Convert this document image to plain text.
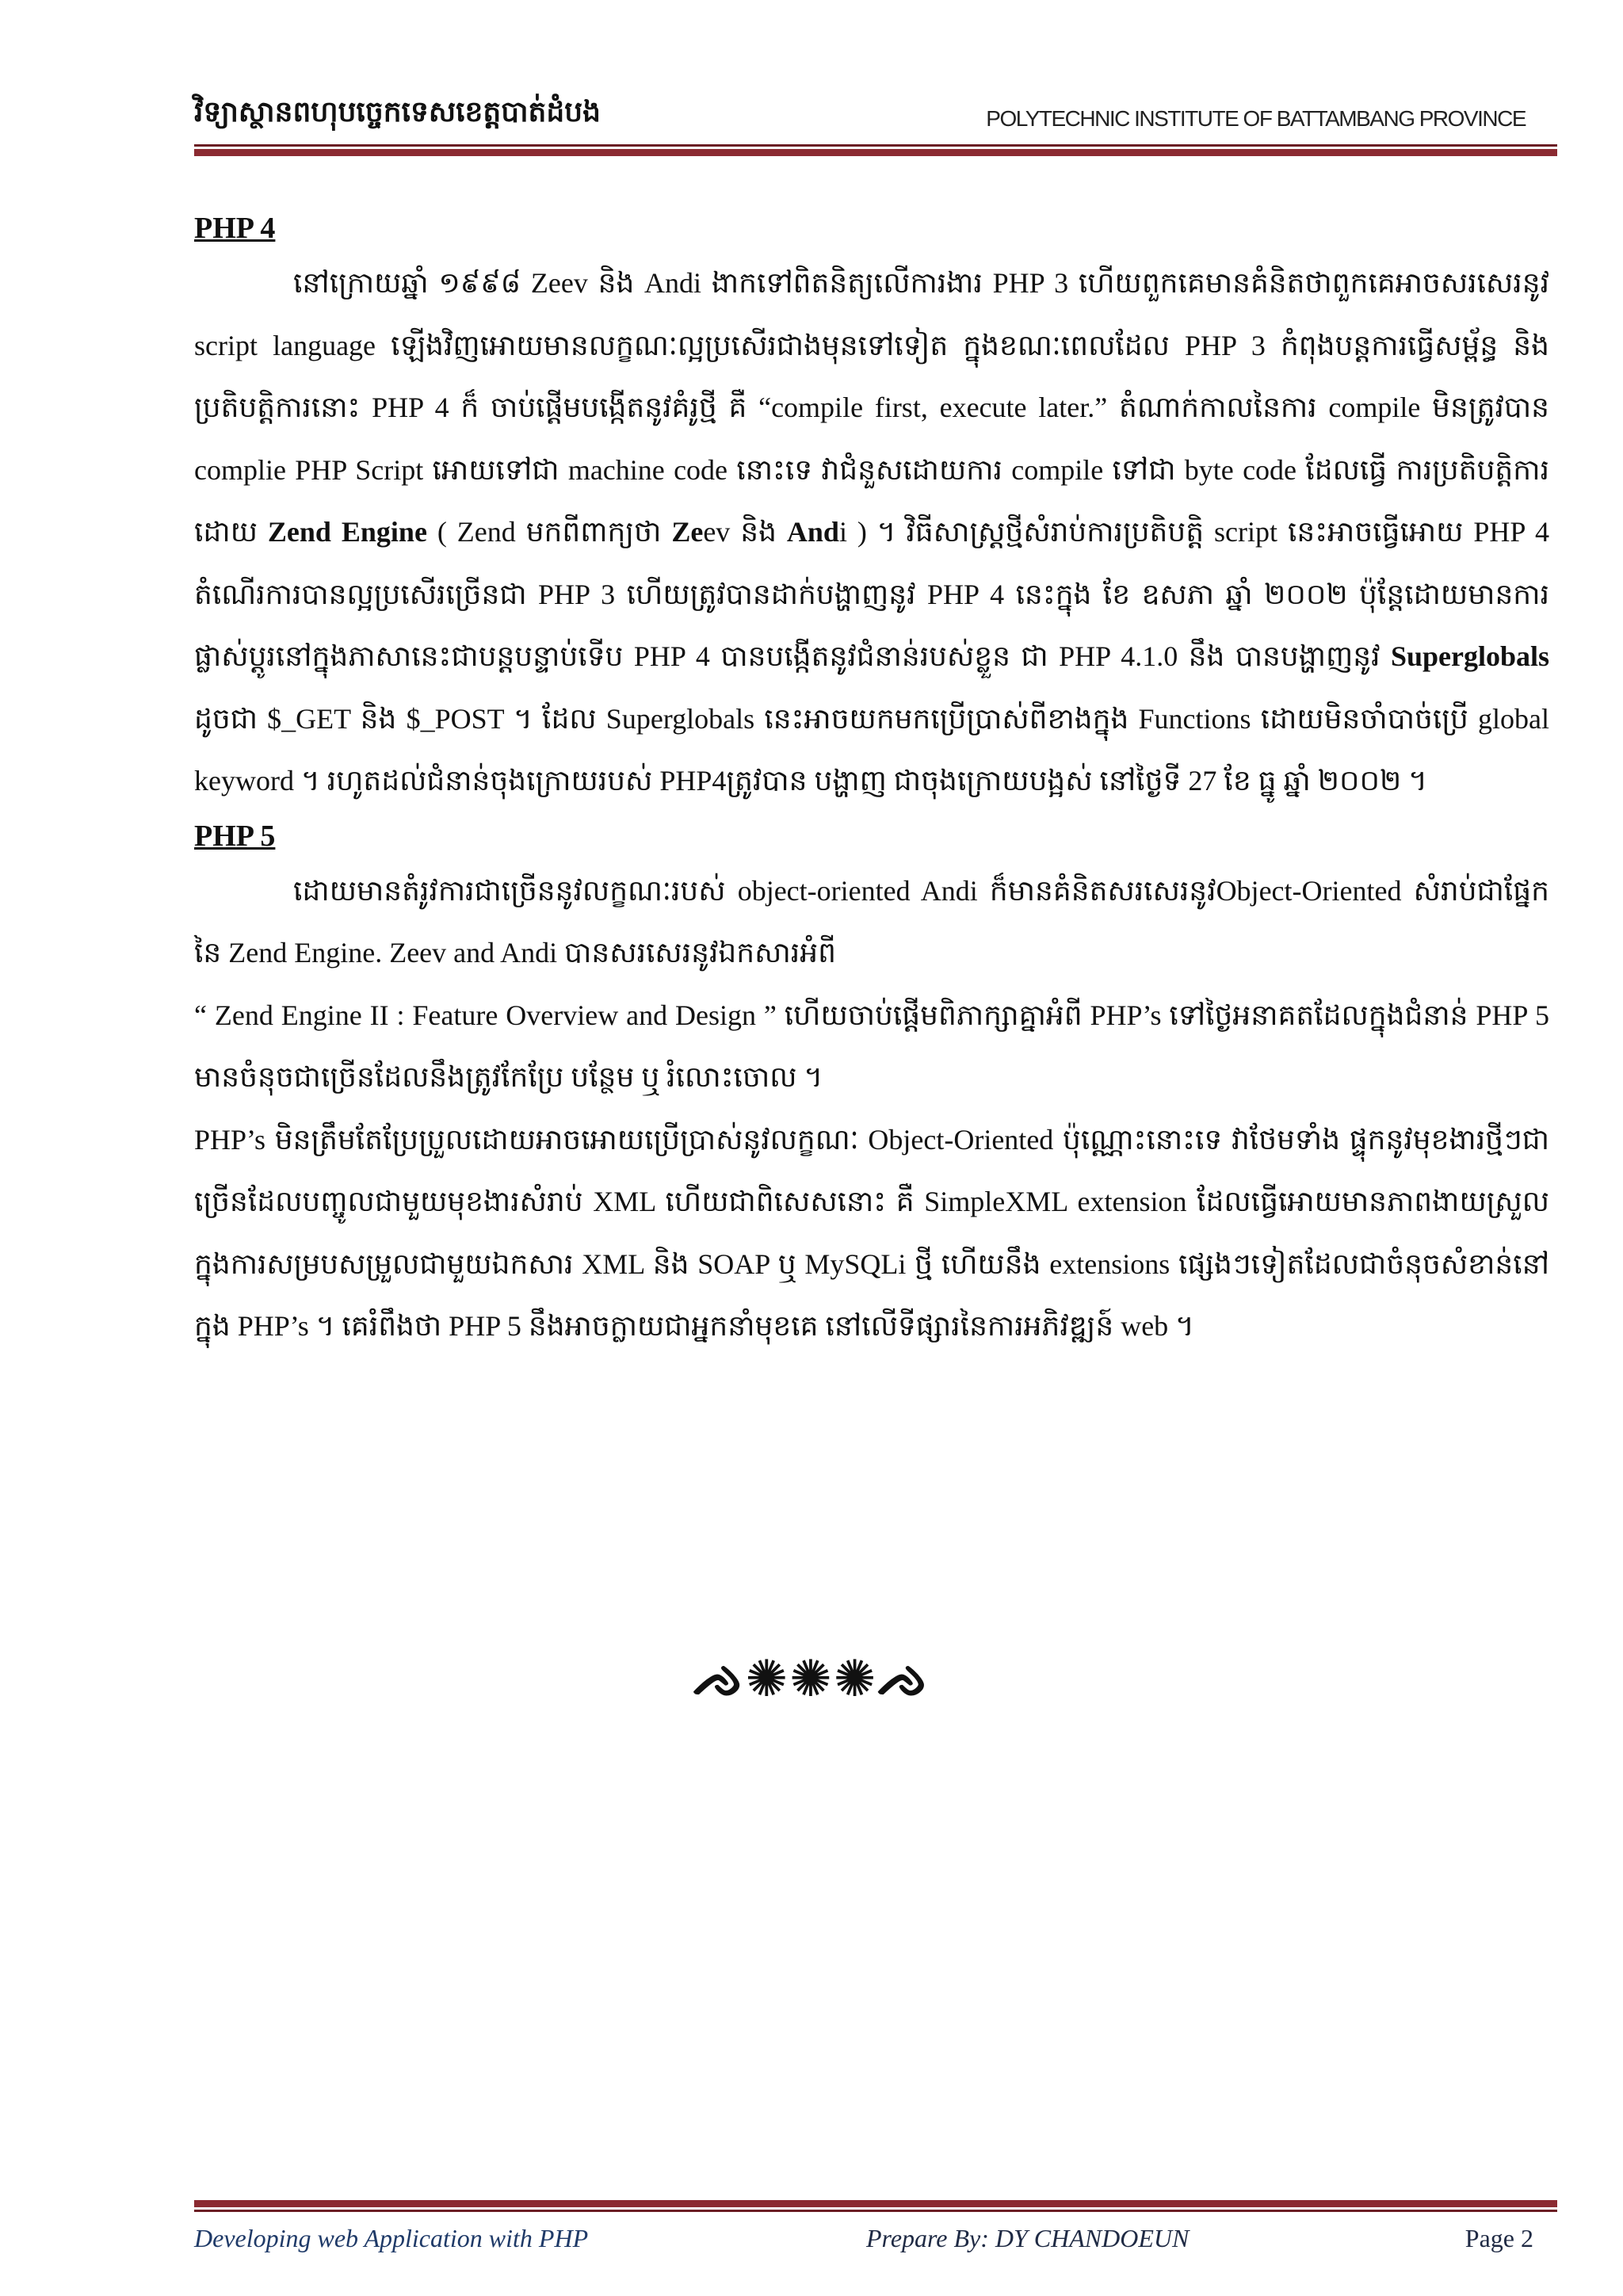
វិទ្យាស្ថានពហុបច្ចេកទេសខេត្តបាត់ដំបង	POLYTECHNIC INSTITUTE OF BATTAMBANG PROVINCE
PHP 4

នៅក្រោយឆ្នាំ ១៩៩៨ Zeev និង Andi ងាកទៅពិតនិត្យលើការងារ PHP 3 ហើយពួកគេមានគំនិតថាពួកគេអាចសរសេរនូវ script language ឡើងវិញអោយមានលក្ខណៈល្អប្រសើរជាងមុនទៅទៀត ក្នុងខណៈពេលដែល PHP 3 កំពុងបន្តការធ្វើសម្ព័ន្ធ និងប្រតិបត្តិការនោះ PHP 4 ក៏ ចាប់ផ្តើមបង្កើតនូវគំរូថ្មី គឺ “compile first, execute later.” តំណាក់កាលនៃការ compile មិនត្រូវបាន complie PHP Script អោយទៅជា machine code នោះទេ វាជំនួសដោយការ compile ទៅជា byte code ដែលធ្វើ ការប្រតិបត្តិការ ដោយ Zend Engine ( Zend មកពីពាក្យថា Zeev និង Andi ) ។ វិធីសាស្ត្រថ្មីសំរាប់ការប្រតិបត្តិ script នេះអាចធ្វើអោយ PHP 4 តំណើរការបានល្អប្រសើរច្រើនជា PHP 3 ហើយត្រូវបានដាក់បង្ហាញនូវ PHP 4 នេះក្នុង ខែ ឧសភា ឆ្នាំ ២០០២ ប៉ុន្តែដោយមានការផ្លាស់ប្តូរនៅក្នុងភាសានេះជាបន្តបន្ទាប់ទើប PHP 4 បានបង្កើតនូវជំនាន់របស់ខ្លួន ជា PHP 4.1.0 នឹង បានបង្ហាញនូវ Superglobals ដូចជា $_GET និង $_POST ។ ដែល Superglobals នេះអាចយកមកប្រើប្រាស់ពីខាងក្នុង Functions ដោយមិនចាំបាច់ប្រើ global keyword ។ រហូតដល់ជំនាន់ចុងក្រោយរបស់ PHP4ត្រូវបាន បង្ហាញ ជាចុងក្រោយបង្អស់ នៅថ្ងៃទី 27 ខែ ធ្នូ ឆ្នាំ ២០០២ ។

PHP 5

ដោយមានតំរូវការជាច្រើននូវលក្ខណៈរបស់ object-oriented Andi ក៏មានគំនិតសរសេរនូវObject-Oriented សំរាប់ជាផ្នែកនៃ Zend Engine. Zeev and Andi បានសរសេរនូវឯកសារអំពី

“ Zend Engine II : Feature Overview and Design ” ហើយចាប់ផ្តើមពិភាក្សាគ្នាអំពី PHP’s ទៅថ្ងៃអនាគតដែលក្នុងជំនាន់ PHP 5 មានចំនុចជាច្រើនដែលនឹងត្រូវកែប្រែ បន្ថែម ឬ រំលោះចោល ។

PHP’s មិនត្រឹមតែប្រែប្រួលដោយអាចអោយប្រើប្រាស់នូវលក្ខណៈ Object-Oriented ប៉ុណ្ណោះនោះទេ វាថែមទាំង ផ្ទុកនូវមុខងារថ្មីៗជាច្រើនដែលបញ្ចូលជាមួយមុខងារសំរាប់ XML ហើយជាពិសេសនោះ គឺ SimpleXML extension ដែលធ្វើអោយមានភាពងាយស្រួល ក្នុងការសម្របសម្រួលជាមួយឯកសារ XML និង SOAP ឬ MySQLi ថ្មី ហើយនឹង extensions ផ្សេងៗទៀតដែលជាចំនុចសំខាន់នៅក្នុង PHP’s ។ គេរំពឹងថា PHP 5 នឹងអាចក្លាយជាអ្នកនាំមុខគេ នៅលើទីផ្សារនៃការអភិវឌ្ឍន៍ web ។

ᨌ✺✺✺ᨌ
Developing web Application with PHP	Prepare By: DY CHANDOEUN	Page 2
